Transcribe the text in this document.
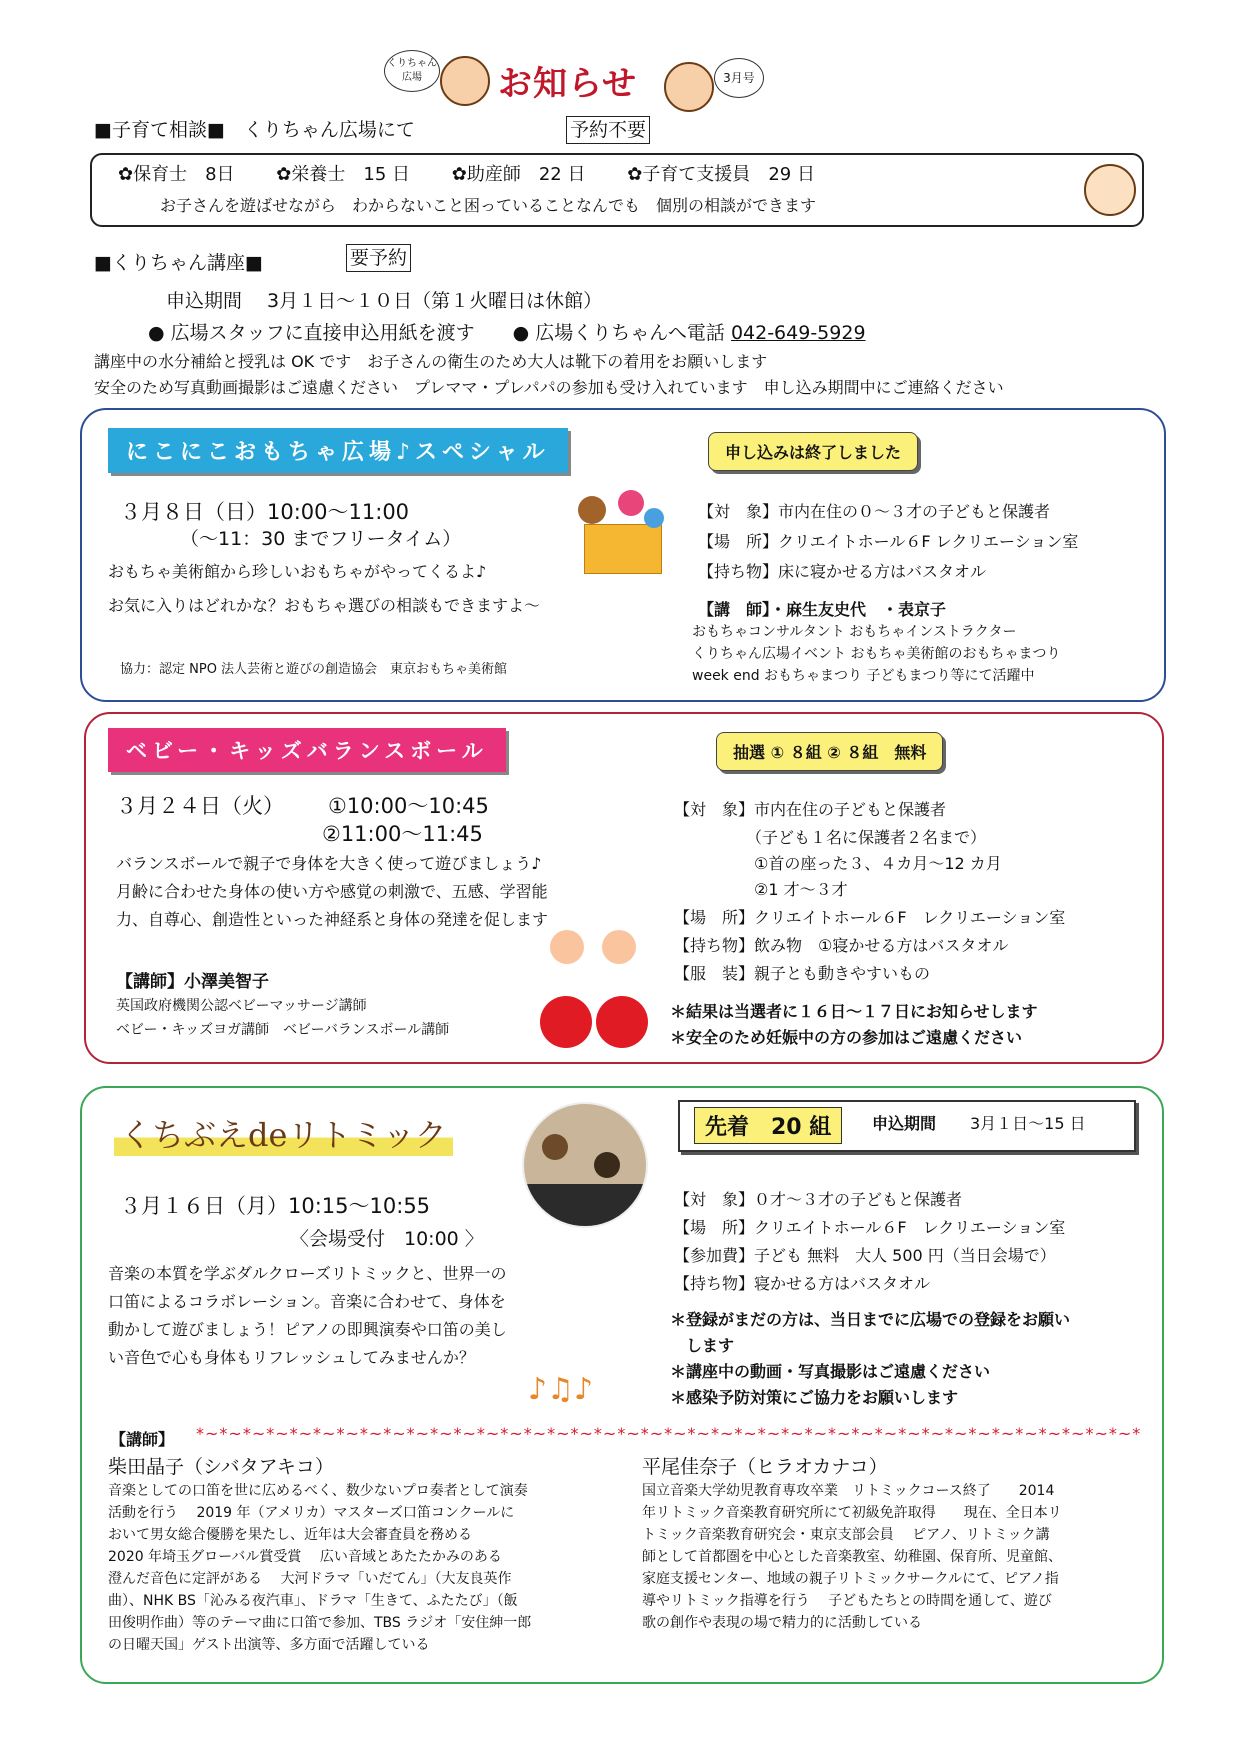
くりちゃん広場	お知らせ	3月号
■子育て相談■　くりちゃん広場にて	予約不要
✿保育士　 8日　　 ✿栄養士　 15 日　　 ✿助産師　 22 日　　 ✿子育て支援員　 29 日
お子さんを遊ばせながら　わからないこと困っていることなんでも　個別の相談ができます
■くりちゃん講座■	要予約
申込期間　 3月１日～１０日（第１火曜日は休館）
● 広場スタッフに直接申込用紙を渡す　　 ● 広場くりちゃんへ電話 042-649-5929
講座中の水分補給と授乳は OK です　お子さんの衛生のため大人は靴下の着用をお願いします
安全のため写真動画撮影はご遠慮ください　プレママ・プレパパの参加も受け入れています　申し込み期間中にご連絡ください
にこにこおもちゃ広場♪スペシャル	申し込みは終了しました
３月８日（日）10:00～11:00
（～11：30 までフリータイム）
おもちゃ美術館から珍しいおもちゃがやってくるよ♪
お気に入りはどれかな？おもちゃ選びの相談もできますよ～
協力：認定 NPO 法人芸術と遊びの創造協会　東京おもちゃ美術館
【対　象】市内在住の０～３才の子どもと保護者
【場　所】クリエイトホール６F レクリエーション室
【持ち物】床に寝かせる方はバスタオル
【講　師】・麻生友史代　・表京子
おもちゃコンサルタント おもちゃインストラクター
くりちゃん広場イベント おもちゃ美術館のおもちゃまつり
week end おもちゃまつり 子どもまつり等にて活躍中
ベビー・キッズバランスボール	抽選 ① ８組 ② ８組　無料
３月２４日（火） ①10:00～10:45
②11:00～11:45
バランスボールで親子で身体を大きく使って遊びましょう♪
月齢に合わせた身体の使い方や感覚の刺激で、五感、学習能
力、自尊心、創造性といった神経系と身体の発達を促します
【講師】小澤美智子
英国政府機関公認ベビーマッサージ講師
ベビー・キッズヨガ講師　ベビーバランスボール講師
【対　象】市内在住の子どもと保護者
　　　　　（子ども１名に保護者２名まで）
　　　　　①首の座った３、４カ月～12 カ月
　　　　　②1 才～３才
【場　所】クリエイトホール６F　レクリエーション室
【持ち物】飲み物　①寝かせる方はバスタオル
【服　装】親子とも動きやすいもの
＊結果は当選者に１６日～１７日にお知らせします
＊安全のため妊娠中の方の参加はご遠慮ください
くちぶえdeリトミック	先着　20 組	申込期間 3月１日～15 日
３月１６日（月）10:15～10:55
〈会場受付　10:00 〉
音楽の本質を学ぶダルクローズリトミックと、世界一の
口笛によるコラボレーション。音楽に合わせて、身体を
動かして遊びましょう！ピアノの即興演奏や口笛の美し
い音色で心も身体もリフレッシュしてみませんか？
♪♫♪
【対　象】０才～３才の子どもと保護者
【場　所】クリエイトホール６F　レクリエーション室
【参加費】子ども 無料　大人 500 円（当日会場で）
【持ち物】寝かせる方はバスタオル
＊登録がまだの方は、当日までに広場での登録をお願い
　します
＊講座中の動画・写真撮影はご遠慮ください
＊感染予防対策にご協力をお願いします
【講師】 *~*~*~*~*~*~*~*~*~*~*~*~*~*~*~*~*~*~*~*~*~*~*~*~*~*~*~*~*~*~*~*~*~*~*~*~*~*~*~*~*
柴田晶子（シバタアキコ）
音楽としての口笛を世に広めるべく、数少ないプロ奏者として演奏
活動を行う　 2019 年（アメリカ）マスターズ口笛コンクールに
おいて男女総合優勝を果たし、近年は大会審査員を務める
2020 年埼玉グローバル賞受賞　 広い音域とあたたかみのある
澄んだ音色に定評がある　 大河ドラマ「いだてん」（大友良英作
曲）、NHK BS「沁みる夜汽車」、ドラマ「生きて、ふたたび」（飯
田俊明作曲）等のテーマ曲に口笛で参加、TBS ラジオ「安住紳一郎
の日曜天国」ゲスト出演等、多方面で活躍している
平尾佳奈子（ヒラオカナコ）
国立音楽大学幼児教育専攻卒業　リトミックコース終了　　2014
年リトミック音楽教育研究所にて初級免許取得　　現在、全日本リ
トミック音楽教育研究会・東京支部会員　 ピアノ、リトミック講
師として首都圏を中心とした音楽教室、幼稚園、保育所、児童館、
家庭支援センター、地域の親子リトミックサークルにて、ピアノ指
導やリトミック指導を行う　 子どもたちとの時間を通して、遊び
歌の創作や表現の場で精力的に活動している
